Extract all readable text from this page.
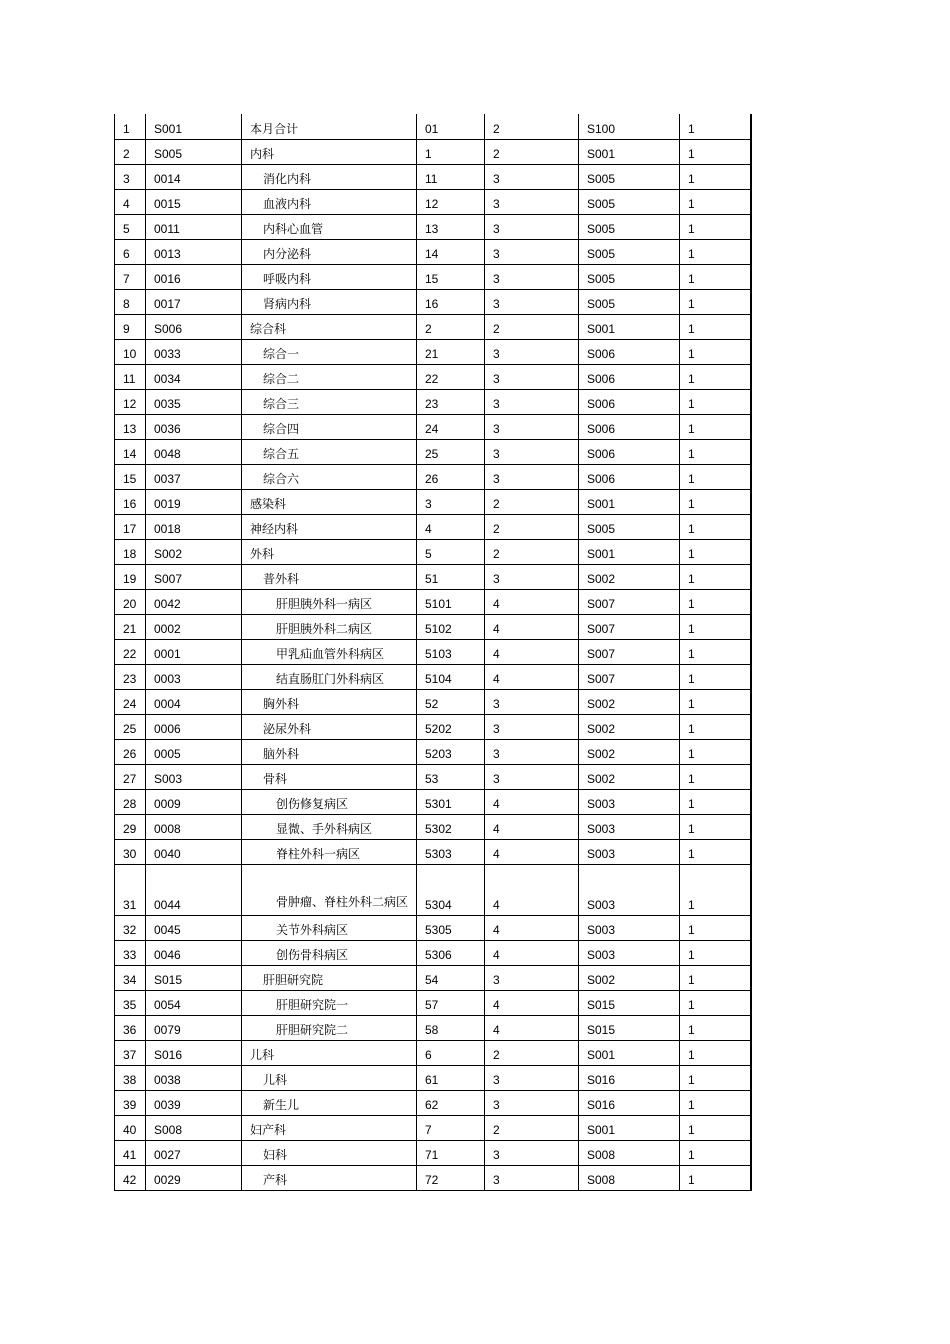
1	S001	本月合计	01	2	S100	1
2	S005	内科	1	2	S001	1
3	0014	消化内科	11	3	S005	1
4	0015	血液内科	12	3	S005	1
5	0011	内科心血管	13	3	S005	1
6	0013	内分泌科	14	3	S005	1
7	0016	呼吸内科	15	3	S005	1
8	0017	肾病内科	16	3	S005	1
9	S006	综合科	2	2	S001	1
10	0033	综合一	21	3	S006	1
11	0034	综合二	22	3	S006	1
12	0035	综合三	23	3	S006	1
13	0036	综合四	24	3	S006	1
14	0048	综合五	25	3	S006	1
15	0037	综合六	26	3	S006	1
16	0019	感染科	3	2	S001	1
17	0018	神经内科	4	2	S005	1
18	S002	外科	5	2	S001	1
19	S007	普外科	51	3	S002	1
20	0042	肝胆胰外科一病区	5101	4	S007	1
21	0002	肝胆胰外科二病区	5102	4	S007	1
22	0001	甲乳疝血管外科病区	5103	4	S007	1
23	0003	结直肠肛门外科病区	5104	4	S007	1
24	0004	胸外科	52	3	S002	1
25	0006	泌尿外科	5202	3	S002	1
26	0005	脑外科	5203	3	S002	1
27	S003	骨科	53	3	S002	1
28	0009	创伤修复病区	5301	4	S003	1
29	0008	显微、手外科病区	5302	4	S003	1
30	0040	脊柱外科一病区	5303	4	S003	1
31	0044	骨肿瘤、脊柱外科二病区	5304	4	S003	1
32	0045	关节外科病区	5305	4	S003	1
33	0046	创伤骨科病区	5306	4	S003	1
34	S015	肝胆研究院	54	3	S002	1
35	0054	肝胆研究院一	57	4	S015	1
36	0079	肝胆研究院二	58	4	S015	1
37	S016	儿科	6	2	S001	1
38	0038	儿科	61	3	S016	1
39	0039	新生儿	62	3	S016	1
40	S008	妇产科	7	2	S001	1
41	0027	妇科	71	3	S008	1
42	0029	产科	72	3	S008	1
